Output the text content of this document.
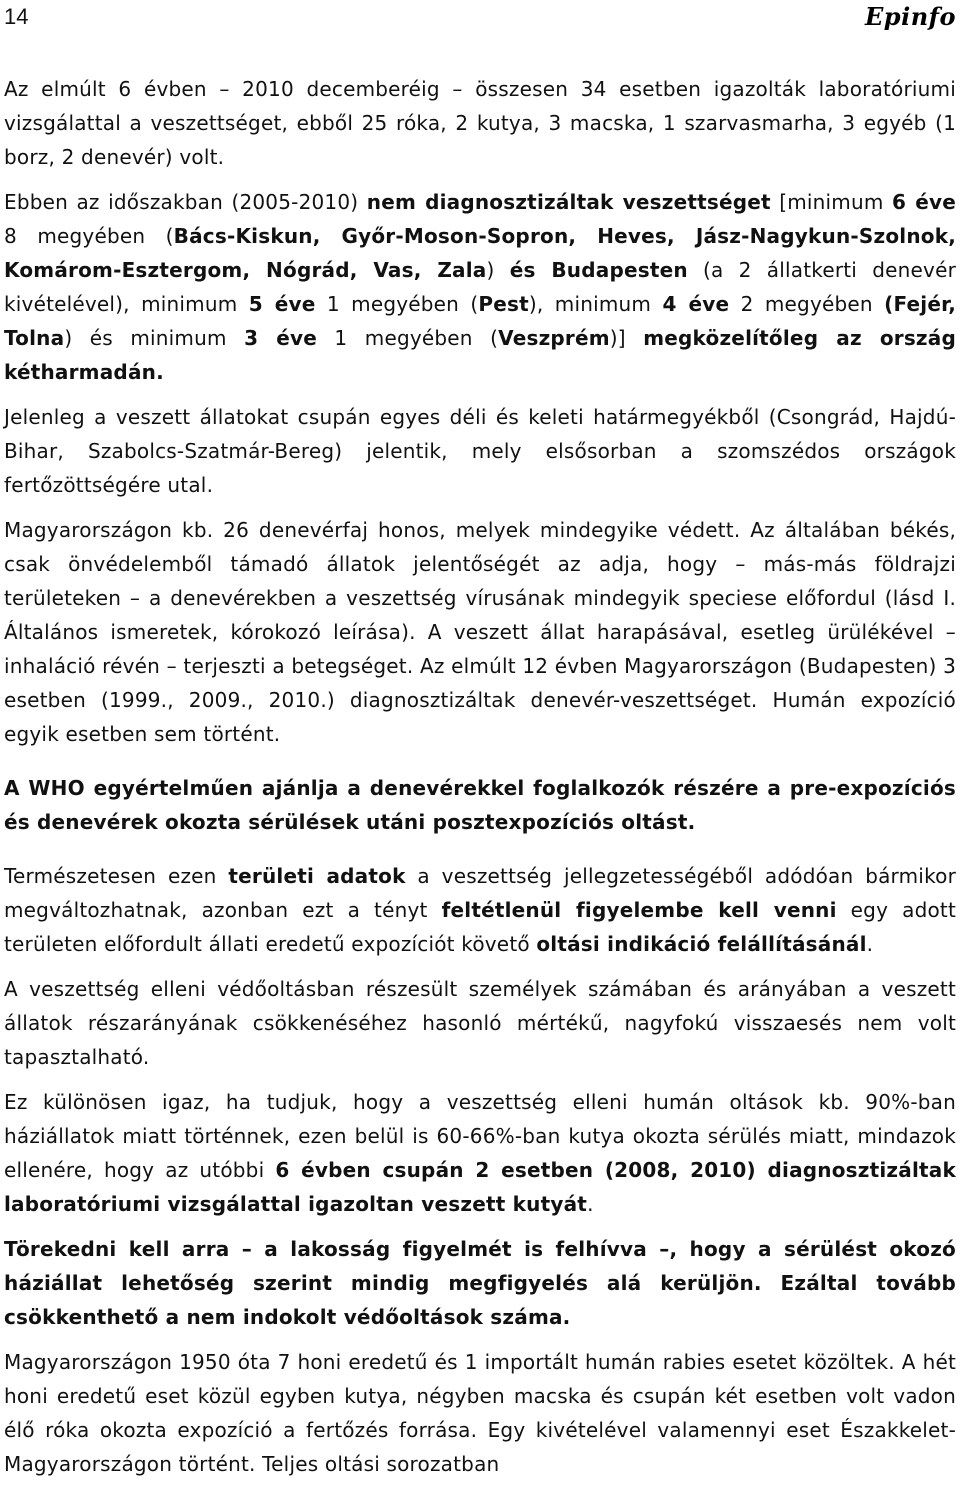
14	Epinfo

Az elmúlt 6 évben – 2010 decemberéig – összesen 34 esetben igazolták laboratóriumi vizsgálattal a veszettséget, ebből 25 róka, 2 kutya, 3 macska, 1 szarvasmarha, 3 egyéb (1 borz, 2 denevér) volt.

Ebben az időszakban (2005-2010) nem diagnosztizáltak veszettséget [minimum 6 éve 8 megyében (Bács-Kiskun, Győr-Moson-Sopron, Heves, Jász-Nagykun-Szolnok, Komárom-Esztergom, Nógrád, Vas, Zala) és Budapesten (a 2 állatkerti denevér kivételével), minimum 5 éve 1 megyében (Pest), minimum 4 éve 2 megyében (Fejér, Tolna) és minimum 3 éve 1 megyében (Veszprém)] megközelítőleg az ország kétharmadán.

Jelenleg a veszett állatokat csupán egyes déli és keleti határmegyékből (Csongrád, Hajdú-Bihar, Szabolcs-Szatmár-Bereg) jelentik, mely elsősorban a szomszédos országok fertőzöttségére utal.

Magyarországon kb. 26 denevérfaj honos, melyek mindegyike védett. Az általában békés, csak önvédelemből támadó állatok jelentőségét az adja, hogy – más-más földrajzi területeken – a denevérekben a veszettség vírusának mindegyik speciese előfordul (lásd I. Általános ismeretek, kórokozó leírása). A veszett állat harapásával, esetleg ürülékével – inhaláció révén – terjeszti a betegséget. Az elmúlt 12 évben Magyarországon (Budapesten) 3 esetben (1999., 2009., 2010.) diagnosztizáltak denevér-veszettséget. Humán expozíció egyik esetben sem történt.

A WHO egyértelműen ajánlja a denevérekkel foglalkozók részére a pre-expozíciós és denevérek okozta sérülések utáni posztexpozíciós oltást.

Természetesen ezen területi adatok a veszettség jellegzetességéből adódóan bármikor megváltozhatnak, azonban ezt a tényt feltétlenül figyelembe kell venni egy adott területen előfordult állati eredetű expozíciót követő oltási indikáció felállításánál.

A veszettség elleni védőoltásban részesült személyek számában és arányában a veszett állatok részarányának csökkenéséhez hasonló mértékű, nagyfokú visszaesés nem volt tapasztalható.

Ez különösen igaz, ha tudjuk, hogy a veszettség elleni humán oltások kb. 90%-ban háziállatok miatt történnek, ezen belül is 60-66%-ban kutya okozta sérülés miatt, mindazok ellenére, hogy az utóbbi 6 évben csupán 2 esetben (2008, 2010) diagnosztizáltak laboratóriumi vizsgálattal igazoltan veszett kutyát.

Törekedni kell arra – a lakosság figyelmét is felhívva –, hogy a sérülést okozó háziállat lehetőség szerint mindig megfigyelés alá kerüljön. Ezáltal tovább csökkenthető a nem indokolt védőoltások száma.

Magyarországon 1950 óta 7 honi eredetű és 1 importált humán rabies esetet közöltek. A hét honi eredetű eset közül egyben kutya, négyben macska és csupán két esetben volt vadon élő róka okozta expozíció a fertőzés forrása. Egy kivételével valamennyi eset Északkelet-Magyarországon történt. Teljes oltási sorozatban
